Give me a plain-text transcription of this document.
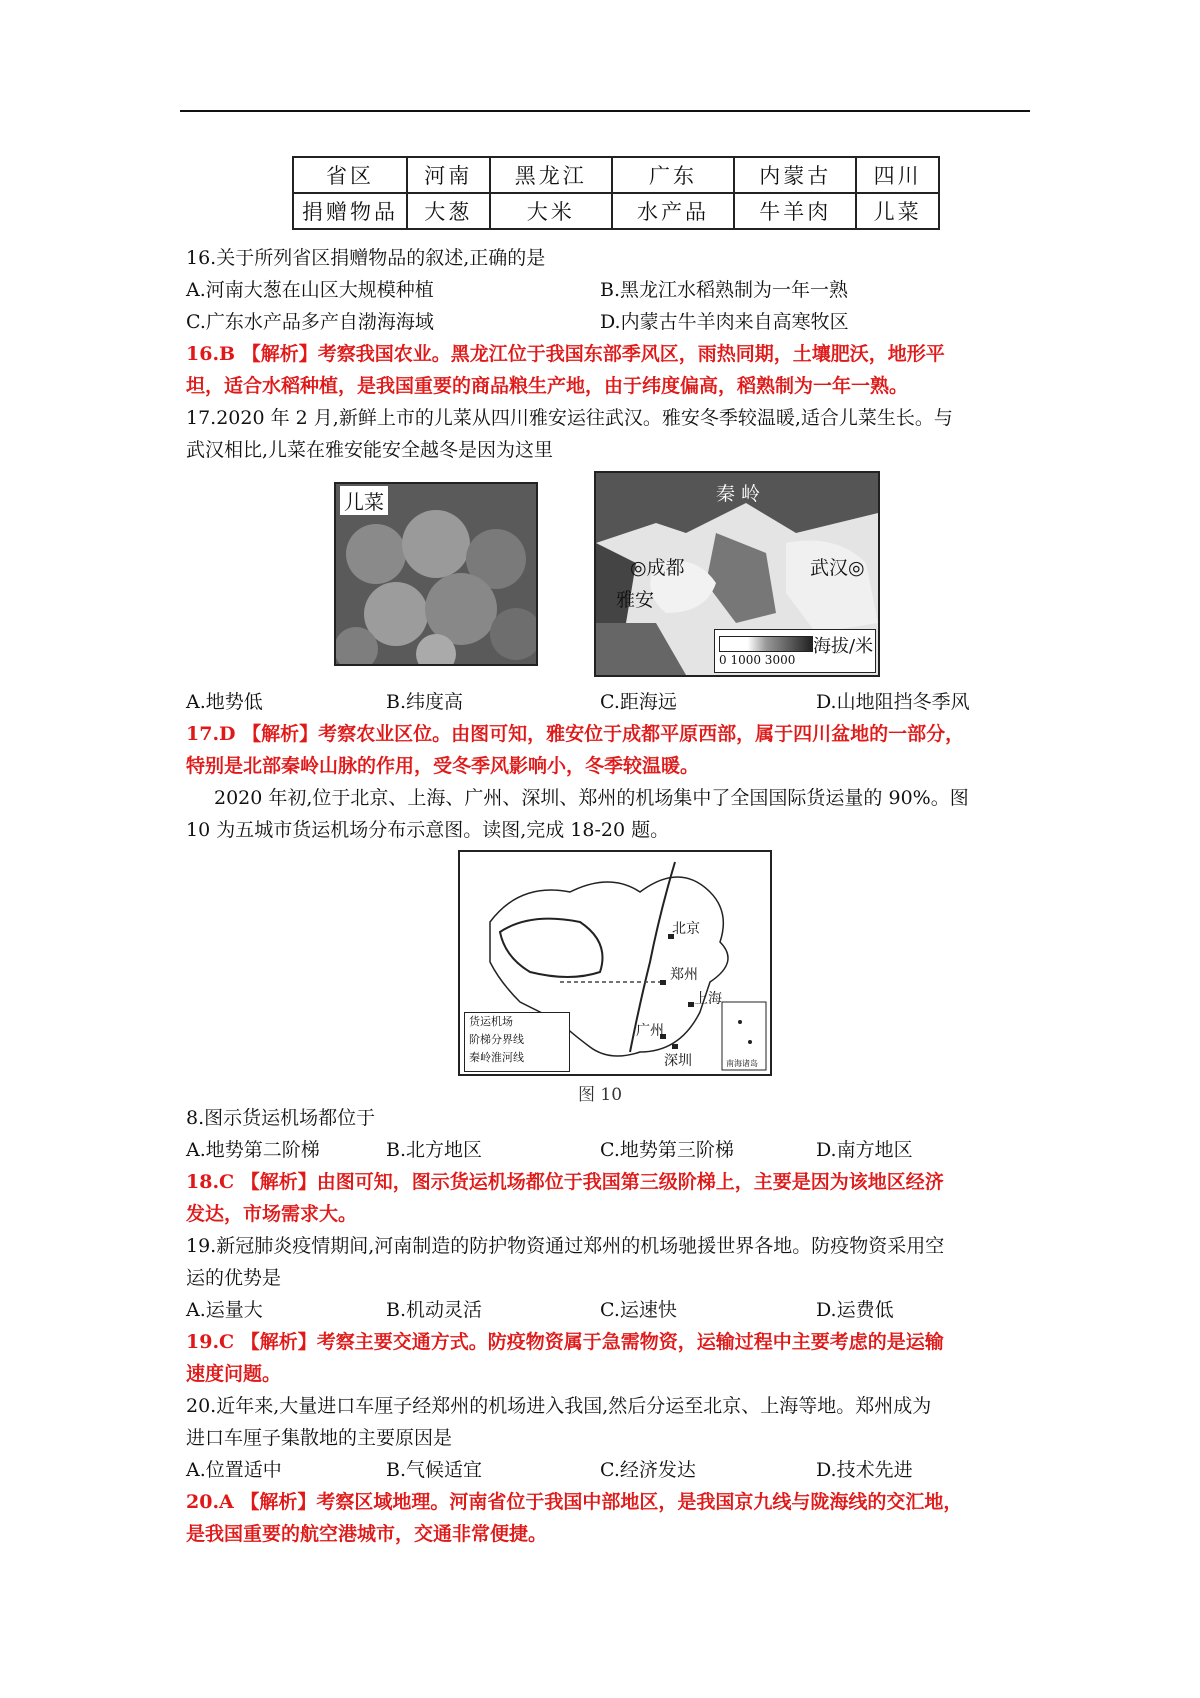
省区	河南	黑龙江	广东	内蒙古	四川
捐赠物品	大葱	大米	水产品	牛羊肉	儿菜
16.关于所列省区捐赠物品的叙述,正确的是
A.河南大葱在山区大规模种植	B.黑龙江水稻熟制为一年一熟
C.广东水产品多产自渤海海域	D.内蒙古牛羊肉来自高寒牧区
16.B 【解析】考察我国农业。黑龙江位于我国东部季风区，雨热同期，土壤肥沃，地形平
坦，适合水稻种植，是我国重要的商品粮生产地，由于纬度偏高，稻熟制为一年一熟。
17.2020 年 2 月,新鲜上市的儿菜从四川雅安运往武汉。雅安冬季较温暖,适合儿菜生长。与
武汉相比,儿菜在雅安能安全越冬是因为这里
儿菜	秦 岭
◎成都
雅安
武汉◎
海拔/米
0 1000 3000
A.地势低	B.纬度高	C.距海远	D.山地阻挡冬季风
17.D 【解析】考察农业区位。由图可知，雅安位于成都平原西部，属于四川盆地的一部分，
特别是北部秦岭山脉的作用，受冬季风影响小，冬季较温暖。
2020 年初,位于北京、上海、广州、深圳、郑州的机场集中了全国国际货运量的 90%。图
10 为五城市货运机场分布示意图。读图,完成 18-20 题。
北京
郑州
上海
广州
深圳
货运机场
阶梯分界线
秦岭淮河线	南海诸岛
图 10
8.图示货运机场都位于
A.地势第二阶梯	B.北方地区	C.地势第三阶梯	D.南方地区
18.C 【解析】由图可知，图示货运机场都位于我国第三级阶梯上，主要是因为该地区经济
发达，市场需求大。
19.新冠肺炎疫情期间,河南制造的防护物资通过郑州的机场驰援世界各地。防疫物资采用空
运的优势是
A.运量大	B.机动灵活	C.运速快	D.运费低
19.C 【解析】考察主要交通方式。防疫物资属于急需物资，运输过程中主要考虑的是运输
速度问题。
20.近年来,大量进口车厘子经郑州的机场进入我国,然后分运至北京、上海等地。郑州成为
进口车厘子集散地的主要原因是
A.位置适中	B.气候适宜	C.经济发达	D.技术先进
20.A 【解析】考察区域地理。河南省位于我国中部地区，是我国京九线与陇海线的交汇地，
是我国重要的航空港城市，交通非常便捷。
